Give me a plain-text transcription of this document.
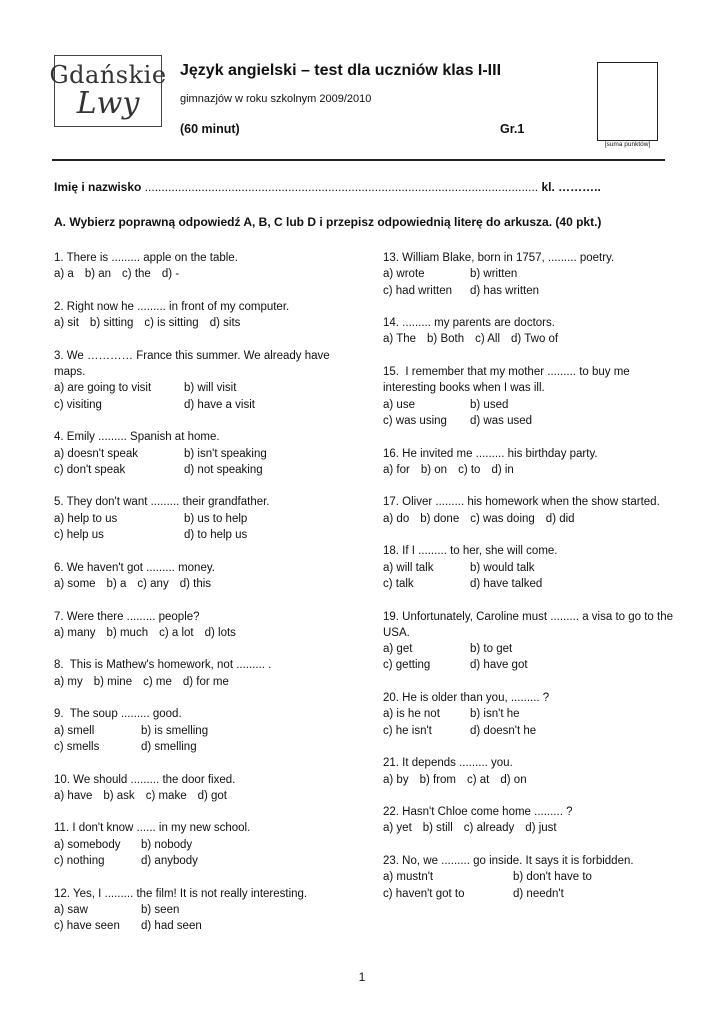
Gdańskie
Lwy
Język angielski – test dla uczniów klas I-III
gimnazjów w roku szkolnym 2009/2010
(60 minut)	Gr.1
[suma punktów]
Imię i nazwisko ...................................................................................................................... kl. ………..
A. Wybierz poprawną odpowiedź A, B, C lub D i przepisz odpowiednią literę do arkusza. (40 pkt.)
1. There is ......... apple on the table.
a) a b) an c) the d) -
2. Right now he ......... in front of my computer.
a) sit b) sitting c) is sitting d) sits
3. We ………… France this summer. We already have maps.
a) are going to visit	b) will visit
c) visiting	d) have a visit
4. Emily ......... Spanish at home.
a) doesn't speak	b) isn't speaking
c) don't speak	d) not speaking
5. They don't want ......... their grandfather.
a) help to us	b) us to help
c) help us	d) to help us
6. We haven't got ......... money.
a) some b) a c) any d) this
7. Were there ......... people?
a) many b) much c) a lot d) lots
8.  This is Mathew's homework, not ......... .
a) my b) mine c) me d) for me
9.  The soup ......... good.
a) smell	b) is smelling
c) smells	d) smelling
10. We should ......... the door fixed.
a) have b) ask c) make d) got
11. I don't know ...... in my new school.
a) somebody	b) nobody
c) nothing	d) anybody
12. Yes, I ......... the film! It is not really interesting.
a) saw	b) seen
c) have seen	d) had seen
13. William Blake, born in 1757, ......... poetry.
a) wrote	b) written
c) had written	d) has written
14. ......... my parents are doctors.
a) The b) Both c) All d) Two of
15.  I remember that my mother ......... to buy me interesting books when I was ill.
a) use	b) used
c) was using	d) was used
16. He invited me ......... his birthday party.
a) for b) on c) to d) in
17. Oliver ......... his homework when the show started.
a) do b) done c) was doing d) did
18. If I ......... to her, she will come.
a) will talk	b) would talk
c) talk	d) have talked
19. Unfortunately, Caroline must ......... a visa to go to the USA.
a) get	b) to get
c) getting	d) have got
20. He is older than you, ......... ?
a) is he not	b) isn't he
c) he isn't	d) doesn't he
21. It depends ......... you.
a) by b) from c) at d) on
22. Hasn't Chloe come home ......... ?
a) yet b) still c) already d) just
23. No, we ......... go inside. It says it is forbidden.
a) mustn't	b) don't have to
c) haven't got to	d) needn't
1
